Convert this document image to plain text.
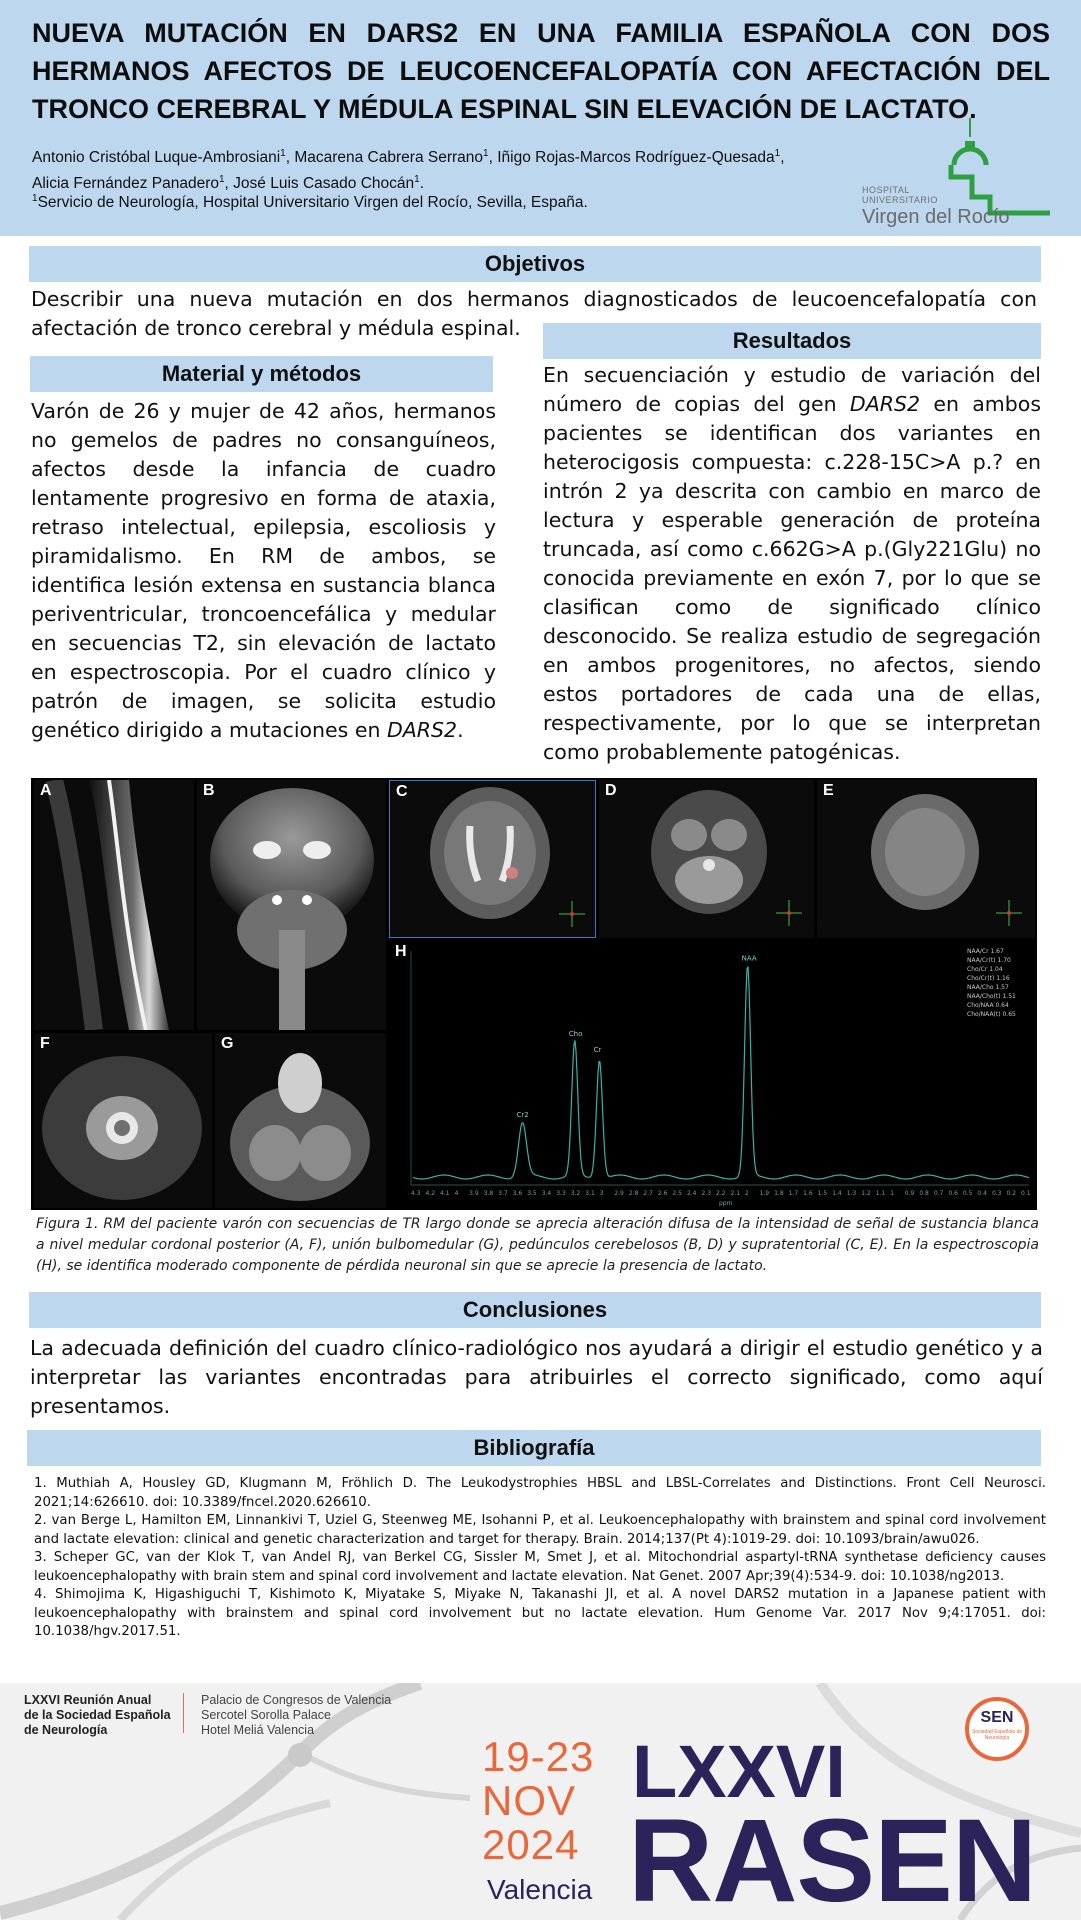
NUEVA MUTACIÓN EN DARS2 EN UNA FAMILIA ESPAÑOLA CON DOS HERMANOS AFECTOS DE LEUCOENCEFALOPATÍA CON AFECTACIÓN DEL TRONCO CEREBRAL Y MÉDULA ESPINAL SIN ELEVACIÓN DE LACTATO.
Antonio Cristóbal Luque-Ambrosiani$^1$, Macarena Cabrera Serrano$^1$, Iñigo Rojas-Marcos Rodríguez-Quesada$^1$,
Alicia Fernández Panadero$^1$, José Luis Casado Chocán$^1$.
$^1$Servicio de Neurología, Hospital Universitario Virgen del Rocío, Sevilla, España.
HOSPITAL UNIVERSITARIO
Virgen del Rocío
Objetivos
Describir una nueva mutación en dos hermanos diagnosticados de leucoencefalopatía con afectación de tronco cerebral y médula espinal.
Material y métodos
Varón de 26 y mujer de 42 años, hermanos no gemelos de padres no consanguíneos, afectos desde la infancia de cuadro lentamente progresivo en forma de ataxia, retraso intelectual, epilepsia, escoliosis y piramidalismo. En RM de ambos, se identifica lesión extensa en sustancia blanca periventricular, troncoencefálica y medular en secuencias T2, sin elevación de lactato en espectroscopia. Por el cuadro clínico y patrón de imagen, se solicita estudio genético dirigido a mutaciones en DARS2.
Resultados
En secuenciación y estudio de variación del número de copias del gen DARS2 en ambos pacientes se identifican dos variantes en heterocigosis compuesta: c.228-15C>A p.? en intrón 2 ya descrita con cambio en marco de lectura y esperable generación de proteína truncada, así como c.662G>A p.(Gly221Glu) no conocida previamente en exón 7, por lo que se clasifican como de significado clínico desconocido. Se realiza estudio de segregación en ambos progenitores, no afectos, siendo estos portadores de cada una de ellas, respectivamente, por lo que se interpretan como probablemente patogénicas.
A	B	C	D	E
F	G
4.3 4.2 4.1 4 3.9 3.8 3.7 3.6 3.5 3.4 3.3 3.2 3.1 3 2.9 2.8 2.7 2.6 2.5 2.4 2.3 2.2 2.1 2 1.9 1.8 1.7 1.6 1.5 1.4 1.3 1.2 1.1 1 0.9 0.8 0.7 0.6 0.5 0.4 0.3 0.2 0.1
Cr2
Cho
Cr
NAA
NAA/Cr 1.67
NAA/Cr(t) 1.70
Cho/Cr 1.04
Cho/Cr(t) 1.16
NAA/Cho 1.57
NAA/Cho(t) 1.51
Cho/NAA 0.64
Cho/NAA(t) 0.65
ppm
H
Figura 1. RM del paciente varón con secuencias de TR largo donde se aprecia alteración difusa de la intensidad de señal de sustancia blanca a nivel medular cordonal posterior (A, F), unión bulbomedular (G), pedúnculos cerebelosos (B, D) y supratentorial (C, E). En la espectroscopia (H), se identifica moderado componente de pérdida neuronal sin que se aprecie la presencia de lactato.
Conclusiones
La adecuada definición del cuadro clínico-radiológico nos ayudará a dirigir el estudio genético y a interpretar las variantes encontradas para atribuirles el correcto significado, como aquí presentamos.
Bibliografía

1. Muthiah A, Housley GD, Klugmann M, Fröhlich D. The Leukodystrophies HBSL and LBSL-Correlates and Distinctions. Front Cell Neurosci. 2021;14:626610. doi: 10.3389/fncel.2020.626610.

2. van Berge L, Hamilton EM, Linnankivi T, Uziel G, Steenweg ME, Isohanni P, et al. Leukoencephalopathy with brainstem and spinal cord involvement and lactate elevation: clinical and genetic characterization and target for therapy. Brain. 2014;137(Pt 4):1019-29. doi: 10.1093/brain/awu026.

3. Scheper GC, van der Klok T, van Andel RJ, van Berkel CG, Sissler M, Smet J, et al. Mitochondrial aspartyl-tRNA synthetase deficiency causes leukoencephalopathy with brain stem and spinal cord involvement and lactate elevation. Nat Genet. 2007 Apr;39(4):534-9. doi: 10.1038/ng2013.

4. Shimojima K, Higashiguchi T, Kishimoto K, Miyatake S, Miyake N, Takanashi JI, et al. A novel DARS2 mutation in a Japanese patient with leukoencephalopathy with brainstem and spinal cord involvement but no lactate elevation. Hum Genome Var. 2017 Nov 9;4:17051. doi: 10.1038/hgv.2017.51.

LXXVI Reunión Anual
de la Sociedad Española
de Neurología
Palacio de Congresos de Valencia
Sercotel Sorolla Palace
Hotel Meliá Valencia
19-23
NOV
2024
Valencia
LXXVI
RASEN
SEN
Sociedad Española de Neurología
